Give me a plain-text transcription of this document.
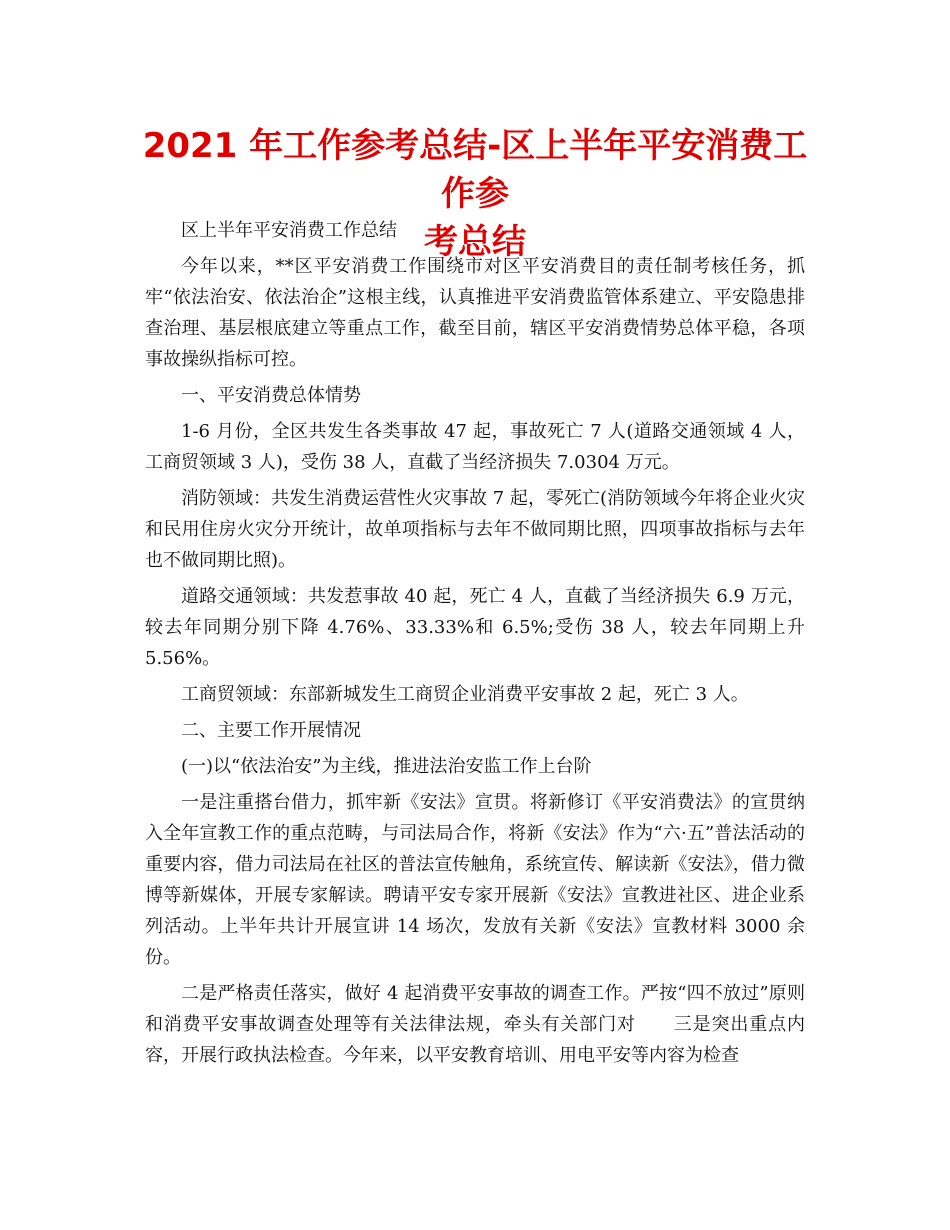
2021 年工作参考总结-区上半年平安消费工作参
考总结

区上半年平安消费工作总结

今年以来，**区平安消费工作围绕市对区平安消费目的责任制考核任务，抓牢“依法治安、依法治企”这根主线，认真推进平安消费监管体系建立、平安隐患排查治理、基层根底建立等重点工作，截至目前，辖区平安消费情势总体平稳，各项事故操纵指标可控。

一、平安消费总体情势

1-6 月份，全区共发生各类事故 47 起，事故死亡 7 人(道路交通领域 4 人，工商贸领域 3 人)，受伤 38 人，直截了当经济损失 7.0304 万元。

消防领域：共发生消费运营性火灾事故 7 起，零死亡(消防领域今年将企业火灾和民用住房火灾分开统计，故单项指标与去年不做同期比照，四项事故指标与去年也不做同期比照)。

道路交通领域：共发惹事故 40 起，死亡 4 人，直截了当经济损失 6.9 万元，较去年同期分别下降 4.76%、33.33%和 6.5%;受伤 38 人，较去年同期上升 5.56%。

工商贸领域：东部新城发生工商贸企业消费平安事故 2 起，死亡 3 人。

二、主要工作开展情况

(一)以“依法治安”为主线，推进法治安监工作上台阶

一是注重搭台借力，抓牢新《安法》宣贯。将新修订《平安消费法》的宣贯纳入全年宣教工作的重点范畴，与司法局合作，将新《安法》作为“六·五”普法活动的重要内容，借力司法局在社区的普法宣传触角，系统宣传、解读新《安法》，借力微博等新媒体，开展专家解读。聘请平安专家开展新《安法》宣教进社区、进企业系列活动。上半年共计开展宣讲 14 场次，发放有关新《安法》宣教材料 3000 余份。

二是严格责任落实，做好 4 起消费平安事故的调查工作。严按“四不放过”原则和消费平安事故调查处理等有关法律法规，牵头有关部门对　　三是突出重点内容，开展行政执法检查。今年来，以平安教育培训、用电平安等内容为检查
